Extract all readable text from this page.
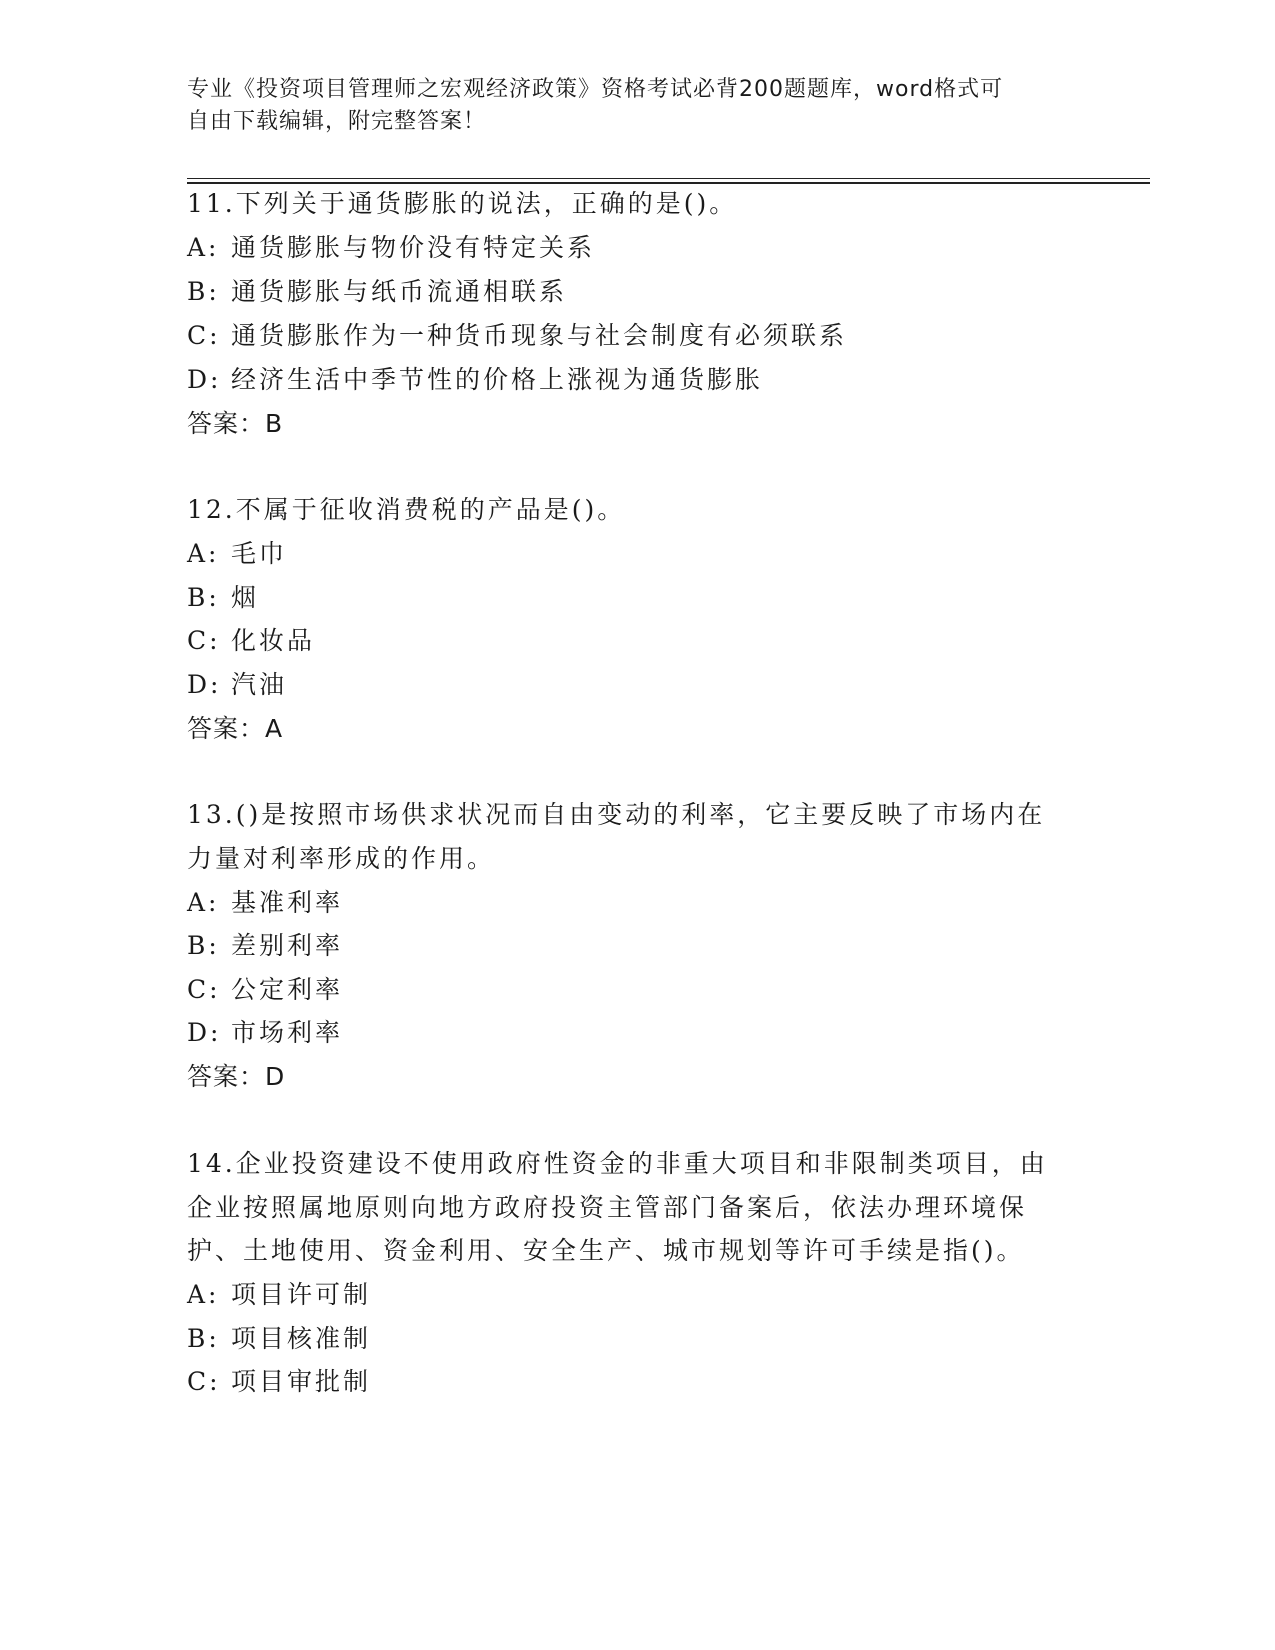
专业《投资项目管理师之宏观经济政策》资格考试必背200题题库，word格式可

自由下载编辑，附完整答案！

11.下列关于通货膨胀的说法，正确的是()。
A: 通货膨胀与物价没有特定关系
B: 通货膨胀与纸币流通相联系
C: 通货膨胀作为一种货币现象与社会制度有必须联系
D: 经济生活中季节性的价格上涨视为通货膨胀
答案：B
12.不属于征收消费税的产品是()。
A: 毛巾
B: 烟
C: 化妆品
D: 汽油
答案：A
13.()是按照市场供求状况而自由变动的利率，它主要反映了市场内在
力量对利率形成的作用。
A: 基准利率
B: 差别利率
C: 公定利率
D: 市场利率
答案：D
14.企业投资建设不使用政府性资金的非重大项目和非限制类项目，由
企业按照属地原则向地方政府投资主管部门备案后，依法办理环境保
护、土地使用、资金利用、安全生产、城市规划等许可手续是指()。
A: 项目许可制
B: 项目核准制
C: 项目审批制
